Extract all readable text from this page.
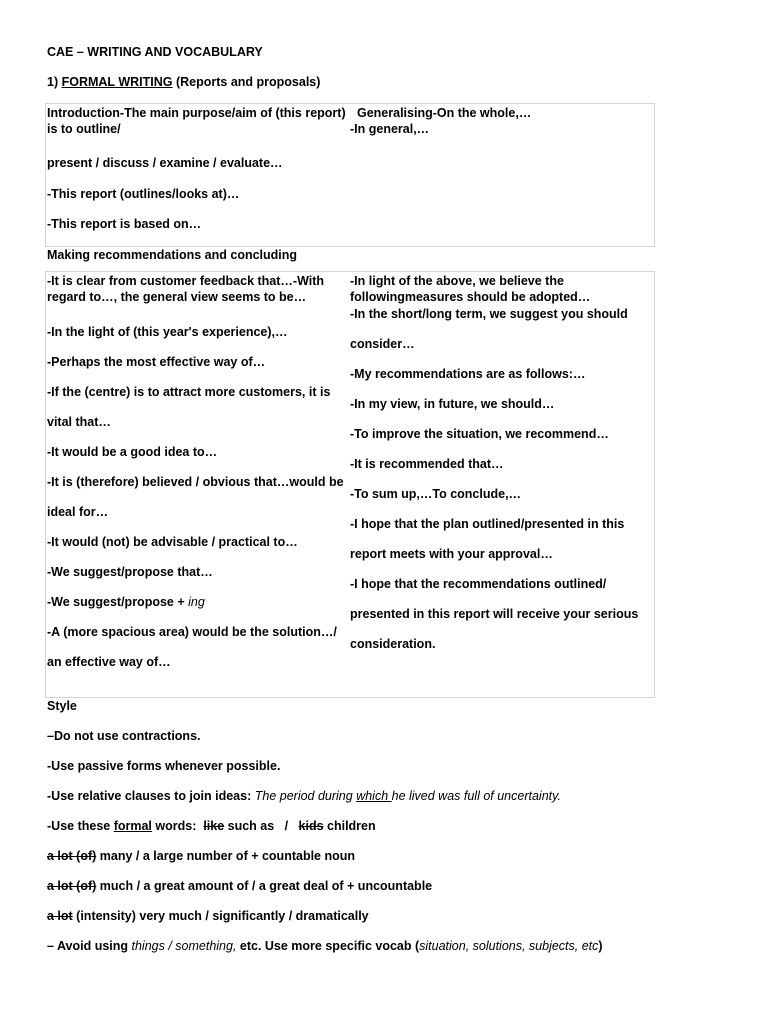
CAE – WRITING AND VOCABULARY
1) FORMAL WRITING (Reports and proposals)
Introduction-The main purpose/aim of (this report)
is to outline/
present / discuss / examine / evaluate…
-This report (outlines/looks at)…
-This report is based on…
Generalising-On the whole,…
-In general,…
Making recommendations and concluding
-It is clear from customer feedback that…-With
regard to…, the general view seems to be…
-In the light of (this year's experience),…
-Perhaps the most effective way of…
-If the (centre) is to attract more customers, it is
vital that…
-It would be a good idea to…
-It is (therefore) believed / obvious that…would be
ideal for…
-It would (not) be advisable / practical to…
-We suggest/propose that…
-We suggest/propose + ing
-A (more spacious area) would be the solution…/
an effective way of…
-In light of the above, we believe the
followingmeasures should be adopted…
-In the short/long term, we suggest you should
consider…
-My recommendations are as follows:…
-In my view, in future, we should…
-To improve the situation, we recommend…
-It is recommended that…
-To sum up,…To conclude,…
-I hope that the plan outlined/presented in this
report meets with your approval…
-I hope that the recommendations outlined/
presented in this report will receive your serious
consideration.
Style
–Do not use contractions.
-Use passive forms whenever possible.
-Use relative clauses to join ideas: The period during which he lived was full of uncertainty.
-Use these formal words:  like such as   /   kids children
a lot (of) many / a large number of + countable noun
a lot (of) much / a great amount of / a great deal of + uncountable
a lot (intensity) very much / significantly / dramatically
– Avoid using things / something, etc. Use more specific vocab (situation, solutions, subjects, etc)
